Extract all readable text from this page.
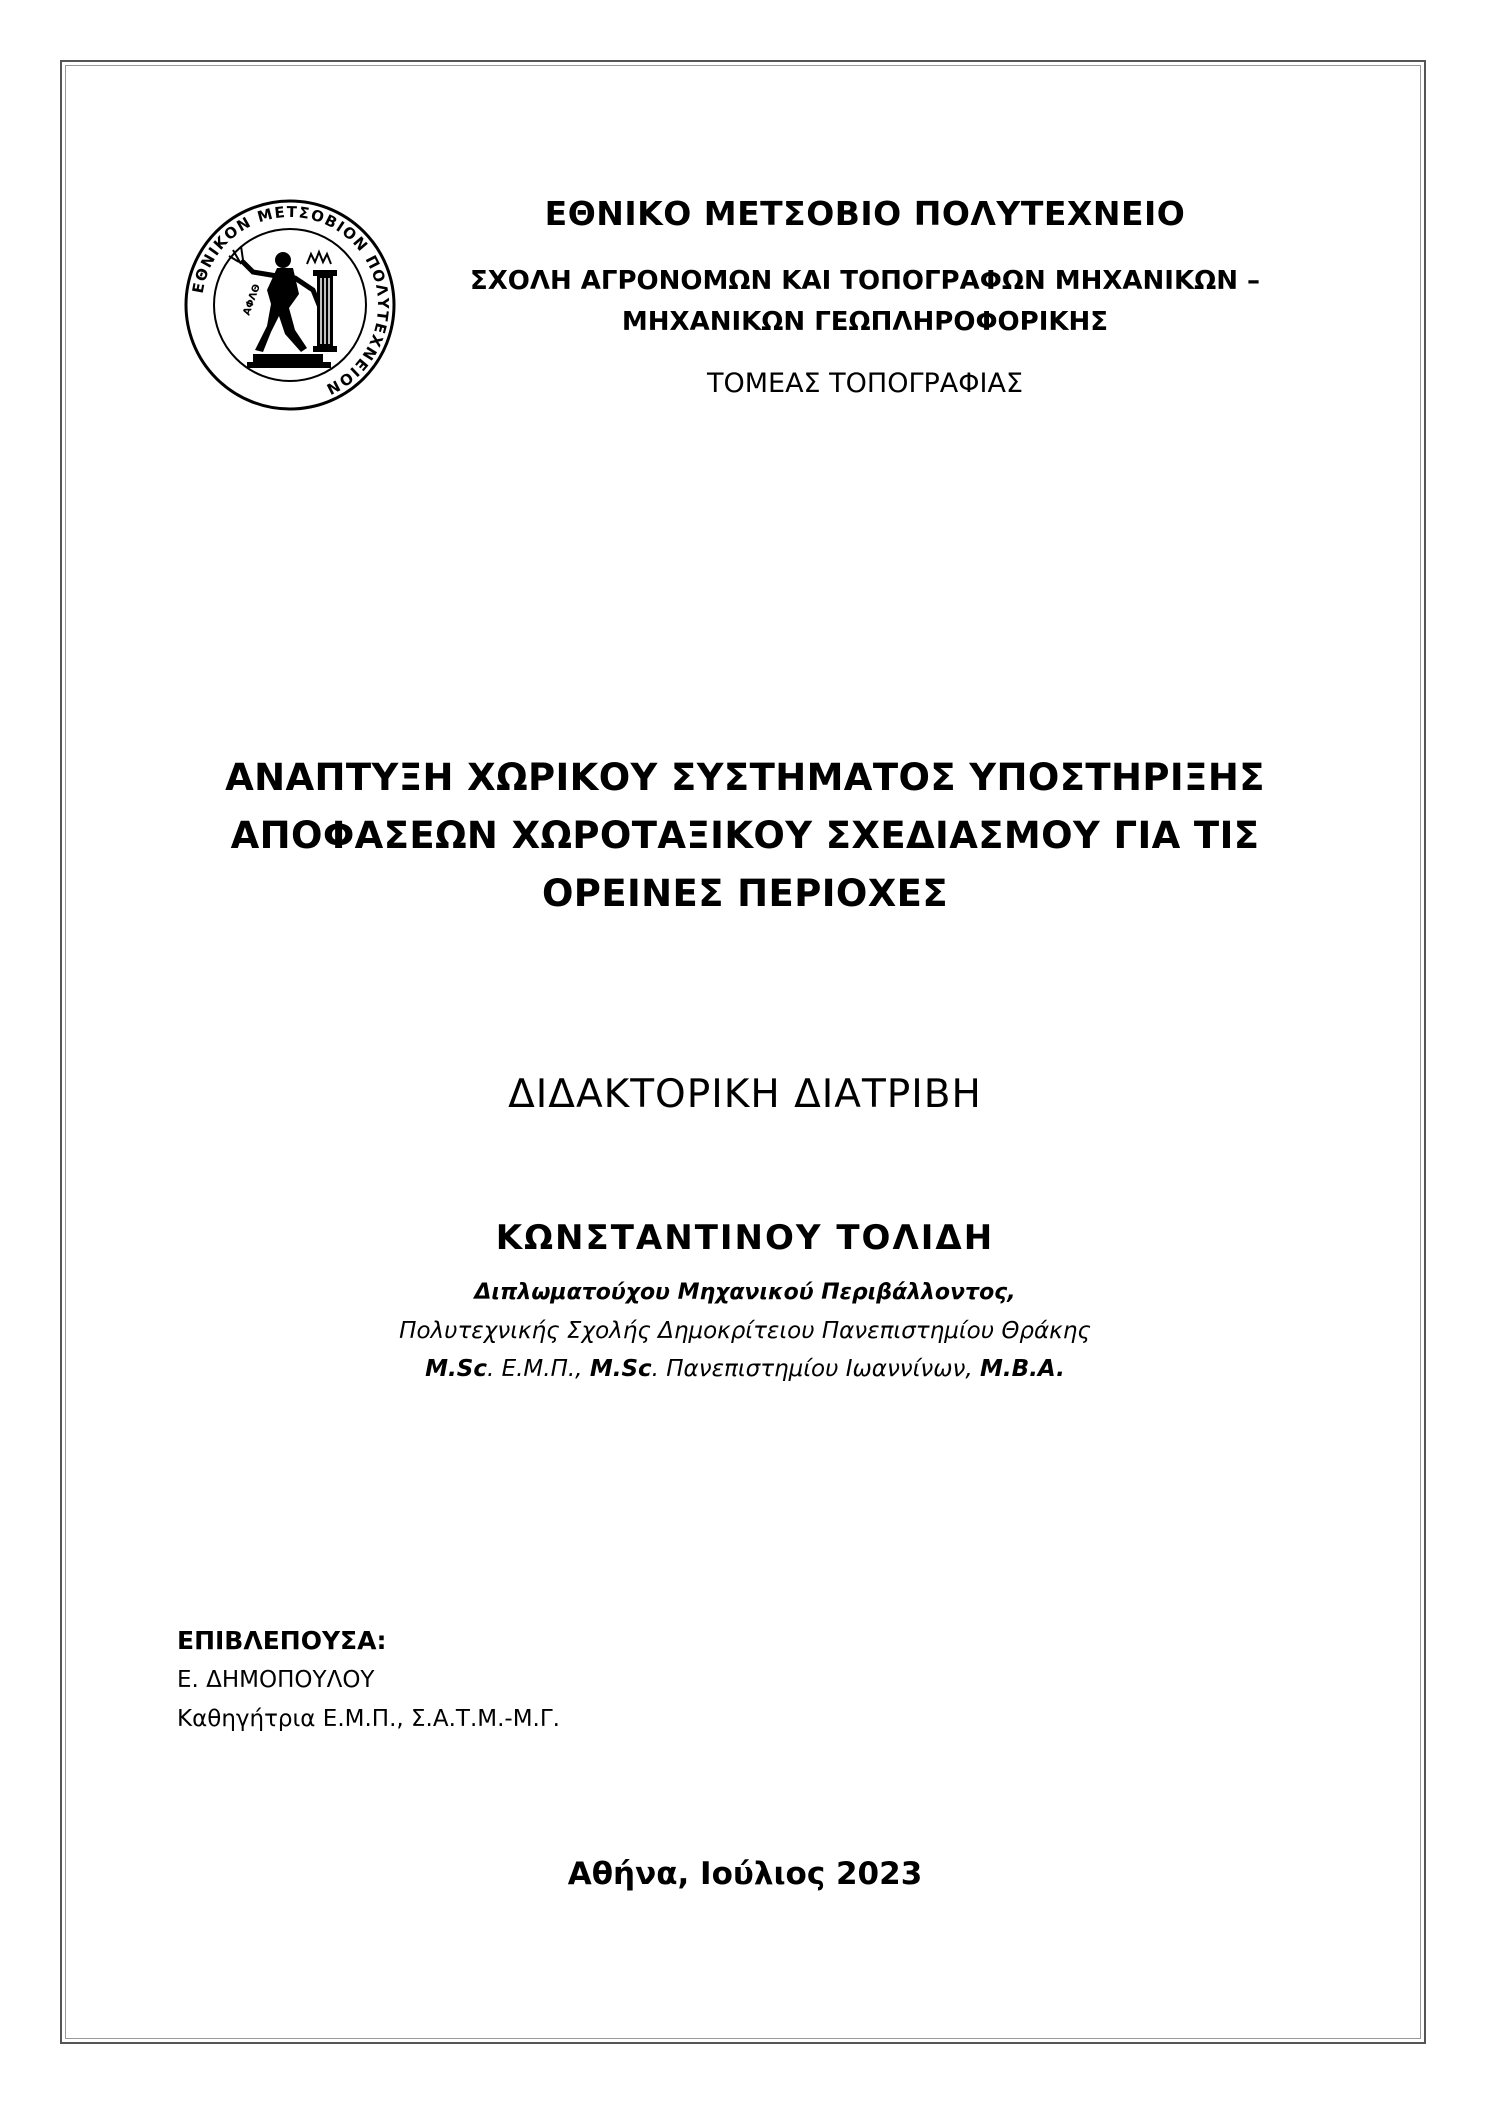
ΕΘΝΙΚΟΝ ΜΕΤΣΟΒΙΟΝ ΠΟΛΥΤΕΧΝΕΙΟΝ
ΑΦΛΘ
ΕΘΝΙΚΟ ΜΕΤΣΟΒΙΟ ΠΟΛΥΤΕΧΝΕΙΟ
ΣΧΟΛΗ ΑΓΡΟΝΟΜΩΝ ΚΑΙ ΤΟΠΟΓΡΑΦΩΝ ΜΗΧΑΝΙΚΩΝ –
ΜΗΧΑΝΙΚΩΝ ΓΕΩΠΛΗΡΟΦΟΡΙΚΗΣ
ΤΟΜΕΑΣ ΤΟΠΟΓΡΑΦΙΑΣ
ΑΝΑΠΤΥΞΗ ΧΩΡΙΚΟΥ ΣΥΣΤΗΜΑΤΟΣ ΥΠΟΣΤΗΡΙΞΗΣ
ΑΠΟΦΑΣΕΩΝ ΧΩΡΟΤΑΞΙΚΟΥ ΣΧΕΔΙΑΣΜΟΥ ΓΙΑ ΤΙΣ
ΟΡΕΙΝΕΣ ΠΕΡΙΟΧΕΣ
ΔΙΔΑΚΤΟΡΙΚΗ ΔΙΑΤΡΙΒΗ
ΚΩΝΣΤΑΝΤΙΝΟΥ ΤΟΛΙΔΗ
Διπλωματούχου Μηχανικού Περιβάλλοντος,
Πολυτεχνικής Σχολής Δημοκρίτειου Πανεπιστημίου Θράκης
M.Sc. Ε.Μ.Π., M.Sc. Πανεπιστημίου Ιωαννίνων, M.B.A.
ΕΠΙΒΛΕΠΟΥΣΑ:
Ε. ΔΗΜΟΠΟΥΛΟΥ
Καθηγήτρια Ε.Μ.Π., Σ.Α.Τ.Μ.-Μ.Γ.
Αθήνα, Ιούλιος 2023
